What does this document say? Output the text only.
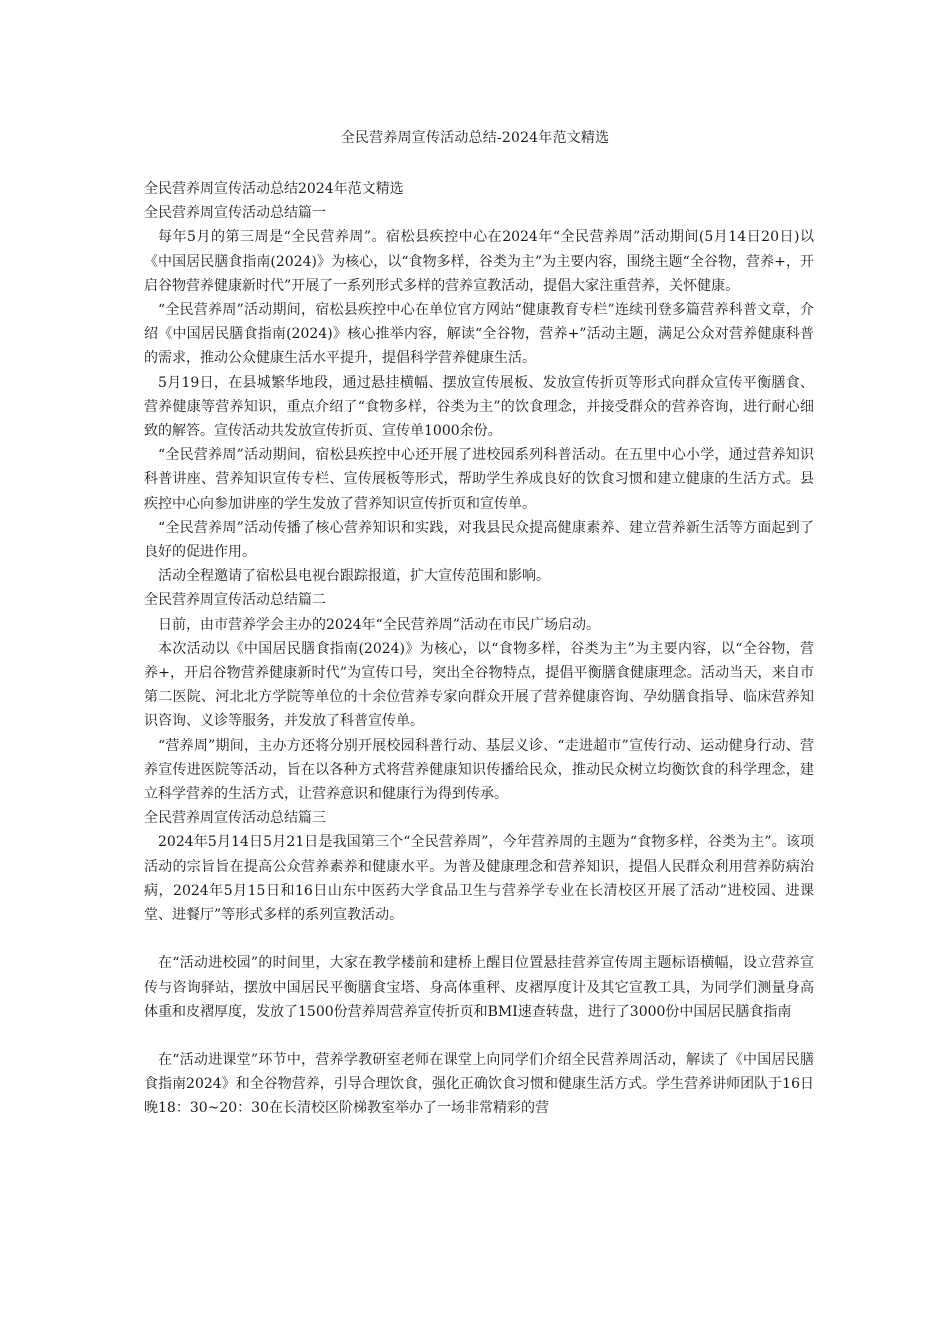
全民营养周宣传活动总结-2024年范文精选

全民营养周宣传活动总结2024年范文精选

全民营养周宣传活动总结篇一

每年5月的第三周是“全民营养周”。宿松县疾控中心在2024年“全民营养周”活动期间(5月14日20日)以《中国居民膳食指南(2024)》为核心，以“食物多样，谷类为主”为主要内容，围绕主题“全谷物，营养+，开启谷物营养健康新时代”开展了一系列形式多样的营养宣教活动，提倡大家注重营养，关怀健康。

“全民营养周”活动期间，宿松县疾控中心在单位官方网站“健康教育专栏”连续刊登多篇营养科普文章，介绍《中国居民膳食指南(2024)》核心推举内容，解读“全谷物，营养+”活动主题，满足公众对营养健康科普的需求，推动公众健康生活水平提升，提倡科学营养健康生活。

5月19日，在县城繁华地段，通过悬挂横幅、摆放宣传展板、发放宣传折页等形式向群众宣传平衡膳食、营养健康等营养知识，重点介绍了“食物多样，谷类为主”的饮食理念，并接受群众的营养咨询，进行耐心细致的解答。宣传活动共发放宣传折页、宣传单1000余份。

“全民营养周”活动期间，宿松县疾控中心还开展了进校园系列科普活动。在五里中心小学，通过营养知识科普讲座、营养知识宣传专栏、宣传展板等形式，帮助学生养成良好的饮食习惯和建立健康的生活方式。县疾控中心向参加讲座的学生发放了营养知识宣传折页和宣传单。

“全民营养周”活动传播了核心营养知识和实践，对我县民众提高健康素养、建立营养新生活等方面起到了良好的促进作用。

活动全程邀请了宿松县电视台跟踪报道，扩大宣传范围和影响。

全民营养周宣传活动总结篇二

日前，由市营养学会主办的2024年“全民营养周”活动在市民广场启动。

本次活动以《中国居民膳食指南(2024)》为核心，以“食物多样，谷类为主”为主要内容，以“全谷物，营养+，开启谷物营养健康新时代”为宣传口号，突出全谷物特点，提倡平衡膳食健康理念。活动当天，来自市第二医院、河北北方学院等单位的十余位营养专家向群众开展了营养健康咨询、孕幼膳食指导、临床营养知识咨询、义诊等服务，并发放了科普宣传单。

“营养周”期间，主办方还将分别开展校园科普行动、基层义诊、“走进超市”宣传行动、运动健身行动、营养宣传进医院等活动，旨在以各种方式将营养健康知识传播给民众，推动民众树立均衡饮食的科学理念，建立科学营养的生活方式，让营养意识和健康行为得到传承。

全民营养周宣传活动总结篇三

2024年5月14日5月21日是我国第三个“全民营养周”，今年营养周的主题为“食物多样，谷类为主”。该项活动的宗旨旨在提高公众营养素养和健康水平。为普及健康理念和营养知识，提倡人民群众利用营养防病治病，2024年5月15日和16日山东中医药大学食品卫生与营养学专业在长清校区开展了活动”进校园、进课堂、进餐厅”等形式多样的系列宣教活动。

在“活动进校园”的时间里，大家在教学楼前和建桥上醒目位置悬挂营养宣传周主题标语横幅，设立营养宣传与咨询驿站，摆放中国居民平衡膳食宝塔、身高体重秤、皮褶厚度计及其它宣教工具，为同学们测量身高体重和皮褶厚度，发放了1500份营养周营养宣传折页和BMI速查转盘，进行了3000份中国居民膳食指南

在“活动进课堂”环节中，营养学教研室老师在课堂上向同学们介绍全民营养周活动，解读了《中国居民膳食指南2024》和全谷物营养，引导合理饮食，强化正确饮食习惯和健康生活方式。学生营养讲师团队于16日晚18：30~20：30在长清校区阶梯教室举办了一场非常精彩的营
